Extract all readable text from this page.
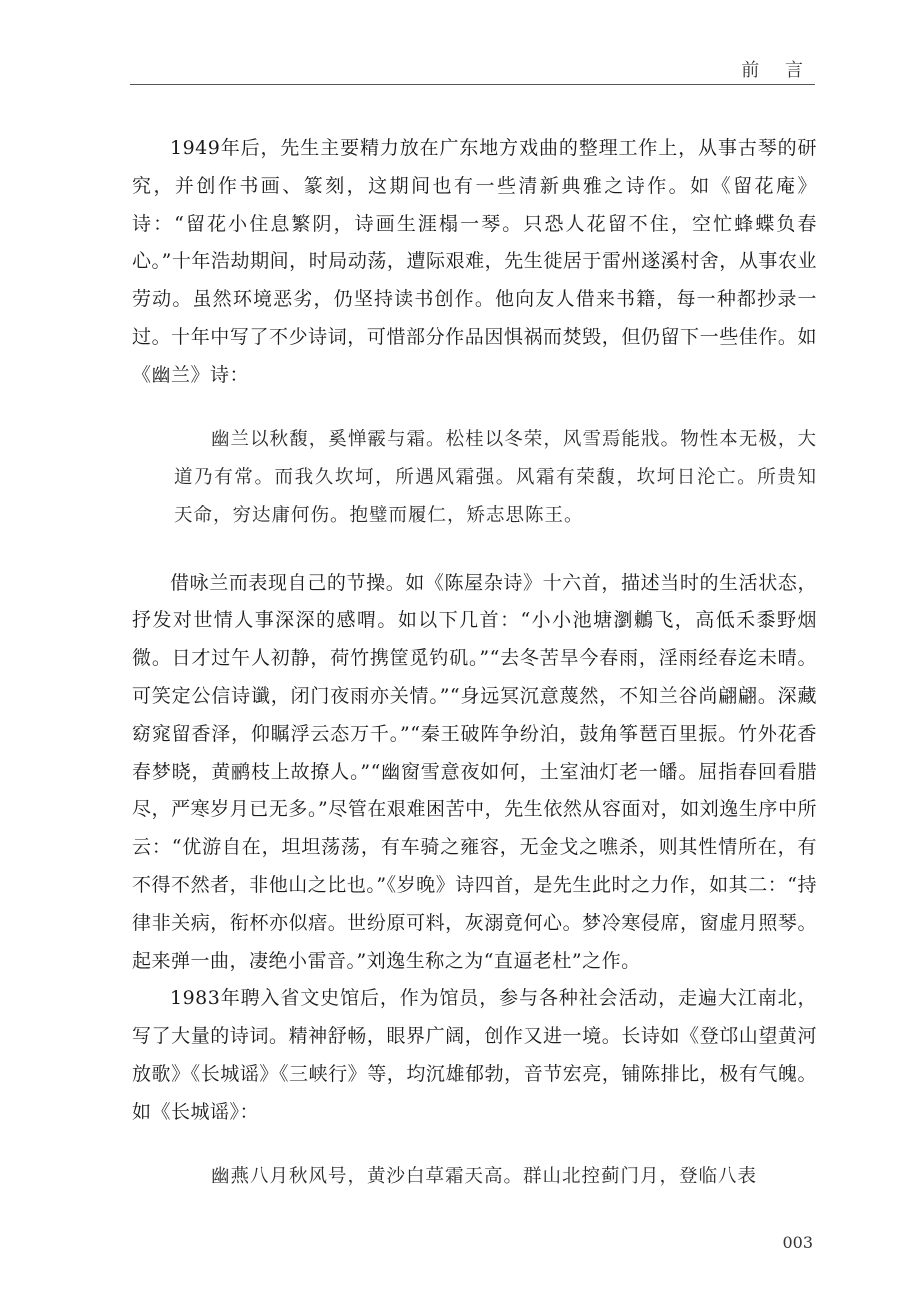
前 言

1949年后，先生主要精力放在广东地方戏曲的整理工作上，从事古琴的研究，并创作书画、篆刻，这期间也有一些清新典雅之诗作。如《留花庵》诗：“留花小住息繁阴，诗画生涯榻一琴。只恐人花留不住，空忙蜂蝶负春心。”十年浩劫期间，时局动荡，遭际艰难，先生徙居于雷州遂溪村舍，从事农业劳动。虽然环境恶劣，仍坚持读书创作。他向友人借来书籍，每一种都抄录一过。十年中写了不少诗词，可惜部分作品因惧祸而焚毁，但仍留下一些佳作。如《幽兰》诗：

幽兰以秋馥，奚惮霰与霜。松桂以冬荣，风雪焉能戕。物性本无极，大道乃有常。而我久坎坷，所遇风霜强。风霜有荣馥，坎坷日沦亡。所贵知天命，穷达庸何伤。抱璧而履仁，矫志思陈王。

借咏兰而表现自己的节操。如《陈屋杂诗》十六首，描述当时的生活状态，抒发对世情人事深深的感喟。如以下几首：“小小池塘瀏鶒飞，高低禾黍野烟微。日才过午人初静，荷竹携筐觅钓矶。”“去冬苦旱今春雨，淫雨经春迄未晴。可笑定公信诗谶，闭门夜雨亦关情。”“身远冥沉意蔑然，不知兰谷尚翩翩。深藏窈窕留香泽，仰瞩浮云态万千。”“秦王破阵争纷泊，鼓角筝琶百里振。竹外花香春梦晓，黄鹂枝上故撩人。”“幽窗雪意夜如何，土室油灯老一皤。屈指春回看腊尽，严寒岁月已无多。”尽管在艰难困苦中，先生依然从容面对，如刘逸生序中所云：“优游自在，坦坦荡荡，有车骑之雍容，无金戈之噍杀，则其性情所在，有不得不然者，非他山之比也。”《岁晚》诗四首，是先生此时之力作，如其二：“持律非关病，衔杯亦似瘖。世纷原可料，灰溺竟何心。梦冷寒侵席，窗虚月照琴。起来弹一曲，凄绝小雷音。”刘逸生称之为“直逼老杜”之作。

1983年聘入省文史馆后，作为馆员，参与各种社会活动，走遍大江南北，写了大量的诗词。精神舒畅，眼界广阔，创作又进一境。长诗如《登邙山望黄河放歌》《长城谣》《三峡行》等，均沉雄郁勃，音节宏亮，铺陈排比，极有气魄。如《长城谣》：

幽燕八月秋风号，黄沙白草霜天高。群山北控蓟门月，登临八表

003
